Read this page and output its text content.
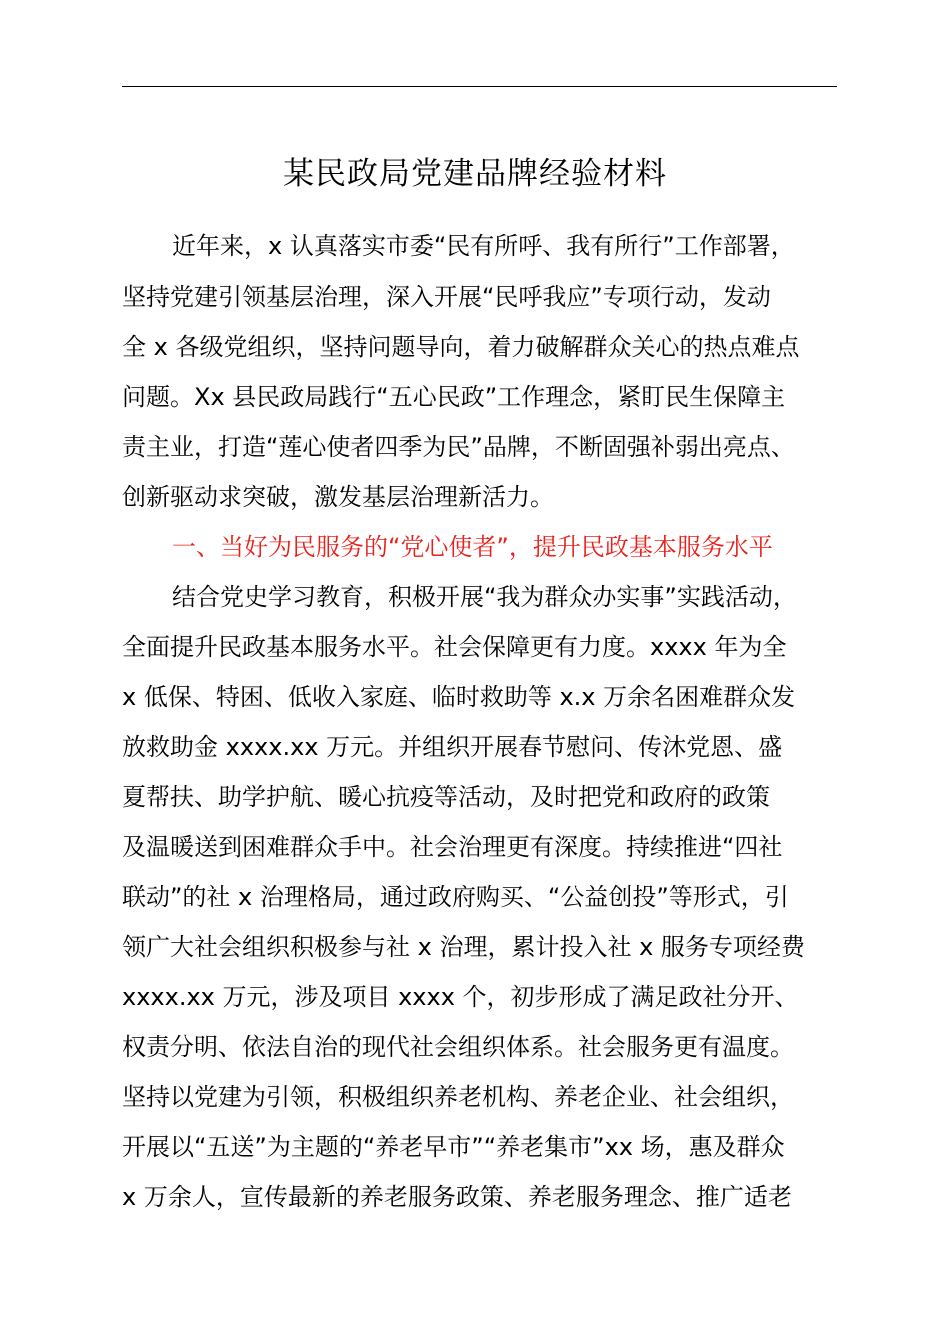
某民政局党建品牌经验材料

近年来，x 认真落实市委“民有所呼、我有所行”工作部署，

坚持党建引领基层治理，深入开展“民呼我应”专项行动，发动

全 x 各级党组织，坚持问题导向，着力破解群众关心的热点难点

问题。Xx 县民政局践行“五心民政”工作理念，紧盯民生保障主

责主业，打造“莲心使者四季为民”品牌，不断固强补弱出亮点、

创新驱动求突破，激发基层治理新活力。

一、当好为民服务的“党心使者”，提升民政基本服务水平

结合党史学习教育，积极开展“我为群众办实事”实践活动，

全面提升民政基本服务水平。社会保障更有力度。xxxx 年为全

x 低保、特困、低收入家庭、临时救助等 x.x 万余名困难群众发

放救助金 xxxx.xx 万元。并组织开展春节慰问、传沐党恩、盛

夏帮扶、助学护航、暖心抗疫等活动，及时把党和政府的政策

及温暖送到困难群众手中。社会治理更有深度。持续推进“四社

联动”的社 x 治理格局，通过政府购买、“公益创投”等形式，引

领广大社会组织积极参与社 x 治理，累计投入社 x 服务专项经费

xxxx.xx 万元，涉及项目 xxxx 个，初步形成了满足政社分开、

权责分明、依法自治的现代社会组织体系。社会服务更有温度。

坚持以党建为引领，积极组织养老机构、养老企业、社会组织，

开展以“五送”为主题的“养老早市”“养老集市”xx 场，惠及群众

x 万余人，宣传最新的养老服务政策、养老服务理念、推广适老
